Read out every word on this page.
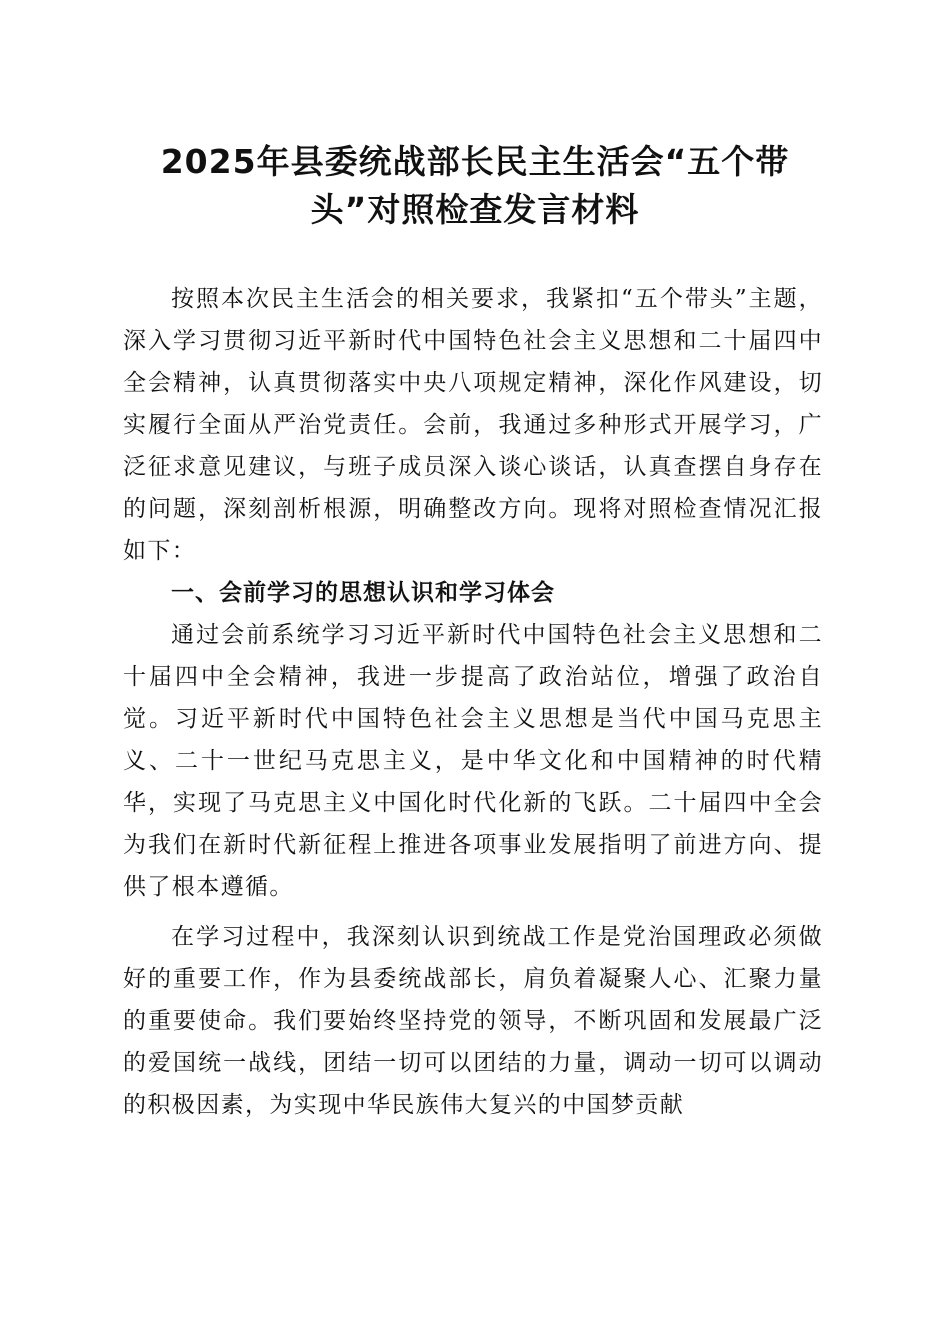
2025年县委统战部长民主生活会“五个带
头”对照检查发言材料

按照本次民主生活会的相关要求，我紧扣“五个带头”主题，深入学习贯彻习近平新时代中国特色社会主义思想和二十届四中全会精神，认真贯彻落实中央八项规定精神，深化作风建设，切实履行全面从严治党责任。会前，我通过多种形式开展学习，广泛征求意见建议，与班子成员深入谈心谈话，认真查摆自身存在的问题，深刻剖析根源，明确整改方向。现将对照检查情况汇报如下：

一、会前学习的思想认识和学习体会

通过会前系统学习习近平新时代中国特色社会主义思想和二十届四中全会精神，我进一步提高了政治站位，增强了政治自觉。习近平新时代中国特色社会主义思想是当代中国马克思主义、二十一世纪马克思主义，是中华文化和中国精神的时代精华，实现了马克思主义中国化时代化新的飞跃。二十届四中全会为我们在新时代新征程上推进各项事业发展指明了前进方向、提供了根本遵循。

在学习过程中，我深刻认识到统战工作是党治国理政必须做好的重要工作，作为县委统战部长，肩负着凝聚人心、汇聚力量的重要使命。我们要始终坚持党的领导，不断巩固和发展最广泛的爱国统一战线，团结一切可以团结的力量，调动一切可以调动的积极因素，为实现中华民族伟大复兴的中国梦贡献
